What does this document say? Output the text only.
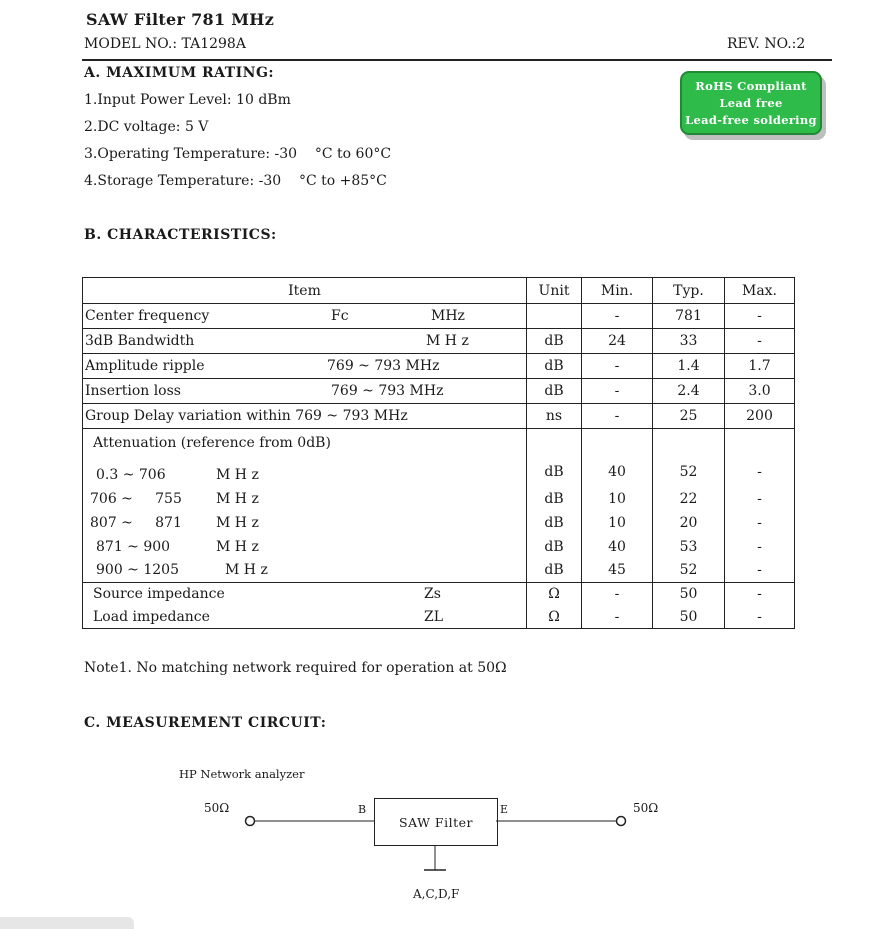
SAW Filter 781 MHz
MODEL NO.: TA1298A	REV. NO.:2
RoHS Compliant
Lead free
Lead-free soldering
A. MAXIMUM RATING:
1.Input Power Level: 10 dBm
2.DC voltage: 5 V
3.Operating Temperature: -30    °C to 60°C
4.Storage Temperature: -30    °C to +85°C
B. CHARACTERISTICS:
Item	Unit	Min.	Typ.	Max.

Center frequency Fc MHz		-	781	-

3dB Bandwidth M H z	dB	24	33	-

Amplitude ripple 769 ~ 793 MHz	dB	-	1.4	1.7

Insertion loss 769 ~ 793 MHz	dB	-	2.4	3.0

Group Delay variation within 769 ~ 793 MHz	ns	-	25	200

Attenuation (reference from 0dB)				

0.3 ~ 706 M H z	dB	40	52	-

706 ~     755 M H z	dB	10	22	-

807 ~     871 M H z	dB	10	20	-

871 ~ 900 M H z	dB	40	53	-

900 ~ 1205 M H z	dB	45	52	-

Source impedance Zs	Ω	-	50	-

Load impedance ZL	Ω	-	50	-
Note1. No matching network required for operation at 50Ω
C. MEASUREMENT CIRCUIT:
HP Network analyzer
50Ω	50Ω
B	E
SAW Filter
A,C,D,F
